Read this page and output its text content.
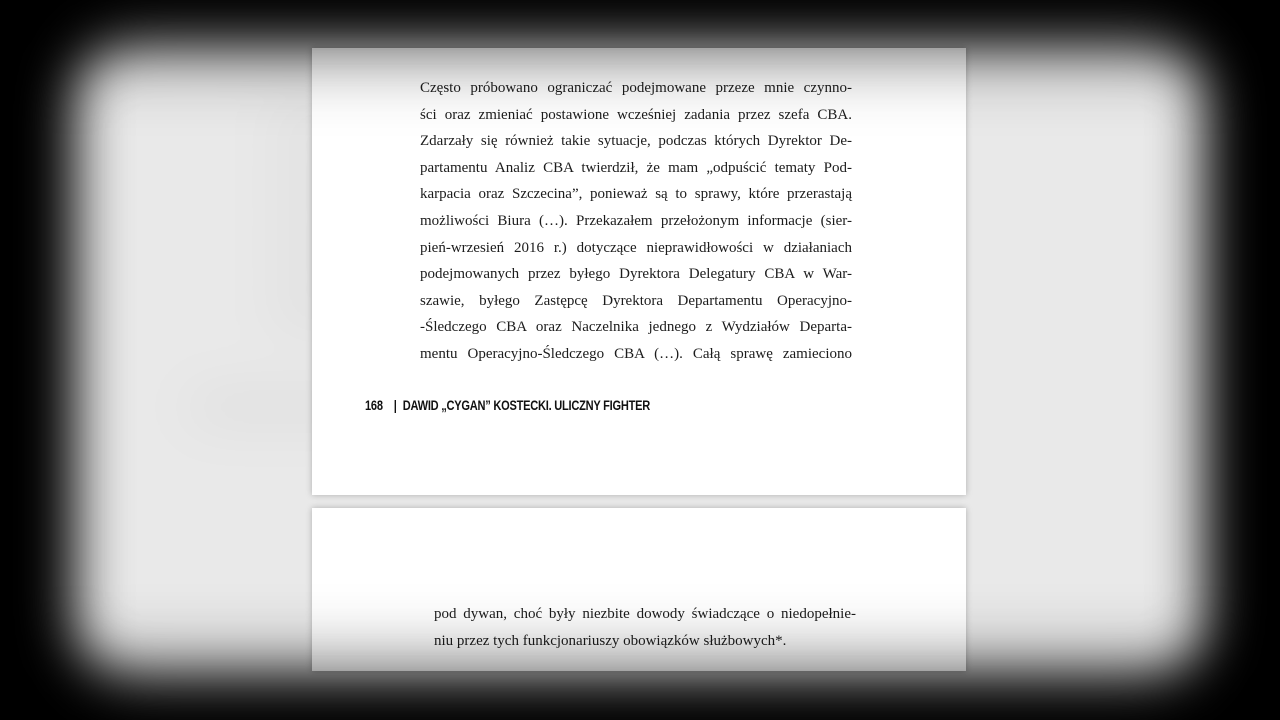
Często próbowano ograniczać podejmowane przeze mnie czynno-
ści oraz zmieniać postawione wcześniej zadania przez szefa CBA.
Zdarzały się również takie sytuacje, podczas których Dyrektor De-
partamentu Analiz CBA twierdził, że mam „odpuścić tematy Pod-
karpacia oraz Szczecina”, ponieważ są to sprawy, które przerastają
możliwości Biura (…). Przekazałem przełożonym informacje (sier-
pień-wrzesień 2016 r.) dotyczące nieprawidłowości w działaniach
podejmowanych przez byłego Dyrektora Delegatury CBA w War-
szawie, byłego Zastępcę Dyrektora Departamentu Operacyjno-
-Śledczego CBA oraz Naczelnika jednego z Wydziałów Departa-
mentu Operacyjno-Śledczego CBA (…). Całą sprawę zamieciono
168 | DAWID „CYGAN” KOSTECKI. ULICZNY FIGHTER
pod dywan, choć były niezbite dowody świadczące o niedopełnie-
niu przez tych funkcjonariuszy obowiązków służbowych*.
